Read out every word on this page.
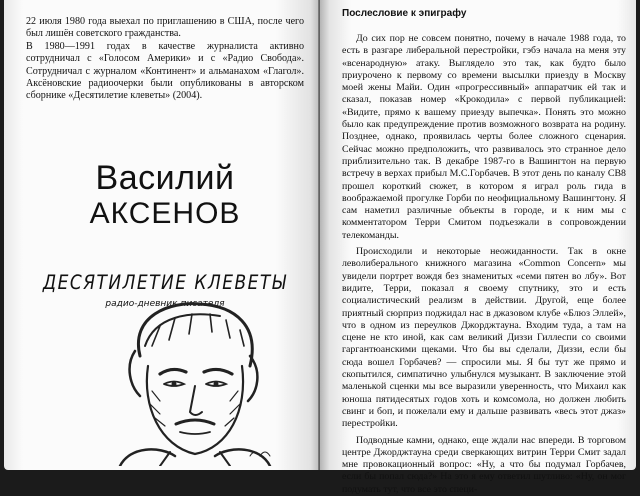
22 июля 1980 года выехал по приглашению в США, после чего был лишён советского гражданства.

В 1980—1991 годах в качестве журналиста активно сотрудничал с «Голосом Америки» и с «Радио Свобода». Сотрудничал с журналом «Континент» и альманахом «Глагол». Аксёновские радиоочерки были опубликованы в авторском сборнике «Десятилетие клеветы» (2004).

Василий
АКСЕНОВ
ДЕСЯТИЛЕТИЕ КЛЕВЕТЫ
радио-дневник писателя
Послесловие к эпиграфу

До сих пор не совсем понятно, почему в начале 1988 года, то есть в разгаре либеральной перестройки, гэбэ начала на меня эту «всенародную» атаку. Выглядело это так, как будто было приурочено к первому со времени высылки приезду в Москву моей жены Майи. Один «прогрессивный» аппаратчик ей так и сказал, показав номер «Крокодила» с первой публикацией: «Видите, прямо к вашему приезду выпечка». Понять это можно было как предупреждение против возможного возврата на родину. Позднее, однако, проявилась черты более сложного сценария. Сейчас можно предположить, что развивалось это странное дело приблизительно так. В декабре 1987-го в Вашингтон на первую встречу в верхах прибыл М.С.Горбачев. В этот день по каналу CB8 прошел короткий сюжет, в котором я играл роль гида в воображаемой прогулке Горби по неофициальному Вашингтону. Я сам наметил различные объекты в городе, и к ним мы с комментатором Терри Смитом подъезжали в сопровождении телекоманды.

Происходили и некоторые неожиданности. Так в окне леволиберального книжного магазина «Common Concern» мы увидели портрет вождя без знаменитых «семи пятен во лбу». Вот видите, Терри, показал я своему спутнику, это и есть социалистический реализм в действии. Другой, еще более приятный сюрприз поджидал нас в джазовом клубе «Блюз Эллей», что в одном из переулков Джорджтауна. Входим туда, а там на сцене не кто иной, как сам великий Диззи Гиллеспи со своими гаргантюанскими щеками. Что бы вы сделали, Диззи, если бы сюда вошел Горбачев? — спросили мы. Я бы тут же прямо и скопытился, симпатично улыбнулся музыкант. В заключение этой маленькой сценки мы все выразили уверенность, что Михаил как юноша пятидесятых годов хоть и комсомола, но должен любить свинг и боп, и пожелали ему и дальше развивать «весь этот джаз» перестройки.

Подводные камни, однако, еще ждали нас впереди. В торговом центре Джорджтауна среди сверкающих витрин Терри Смит задал мне провокационный вопрос: «Ну, а что бы подумал Горбачев, если бы попал сюда?» На это я ему ответил шутливо: «Ну, он мог подумать тут, что все это специ-
